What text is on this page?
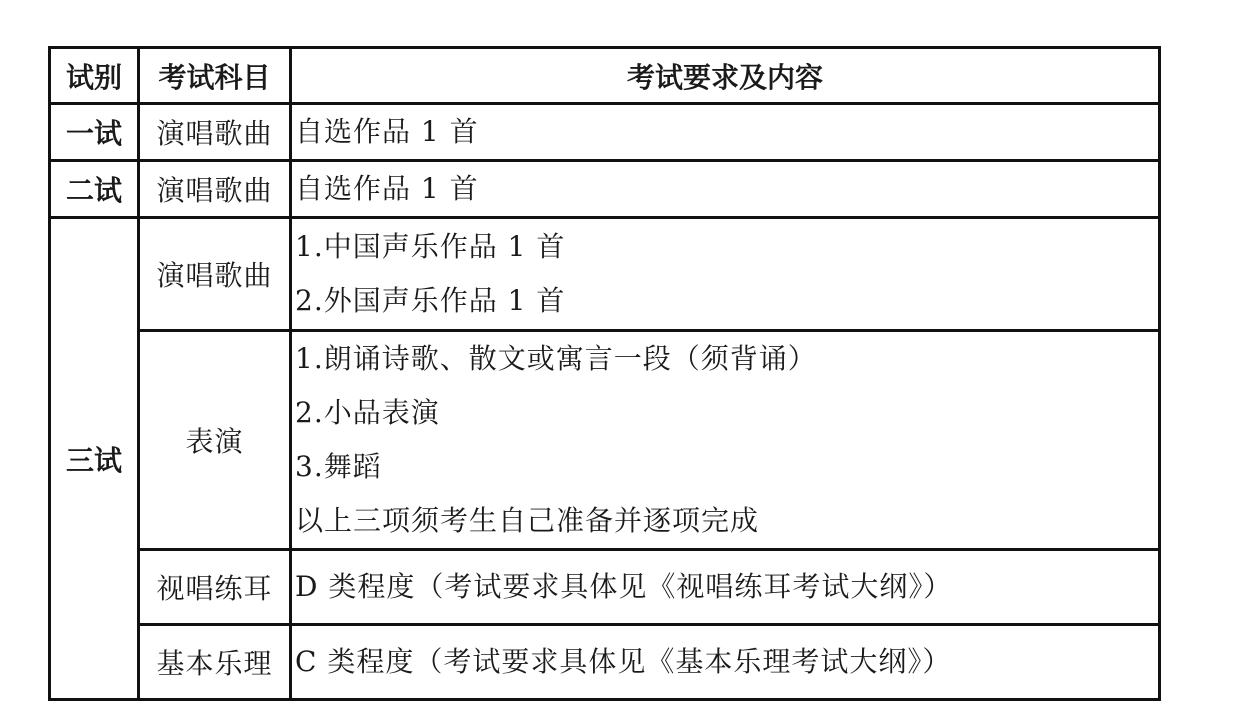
试别	考试科目	考试要求及内容
一试	演唱歌曲	自选作品 1 首

二试	演唱歌曲	自选作品 1 首

三试	演唱歌曲	1.中国声乐作品 1 首
2.外国声乐作品 1 首

	表演	1.朗诵诗歌、散文或寓言一段（须背诵）
2.小品表演
3.舞蹈
以上三项须考生自己准备并逐项完成

	视唱练耳	D 类程度（考试要求具体见《视唱练耳考试大纲》）

	基本乐理	C 类程度（考试要求具体见《基本乐理考试大纲》）
